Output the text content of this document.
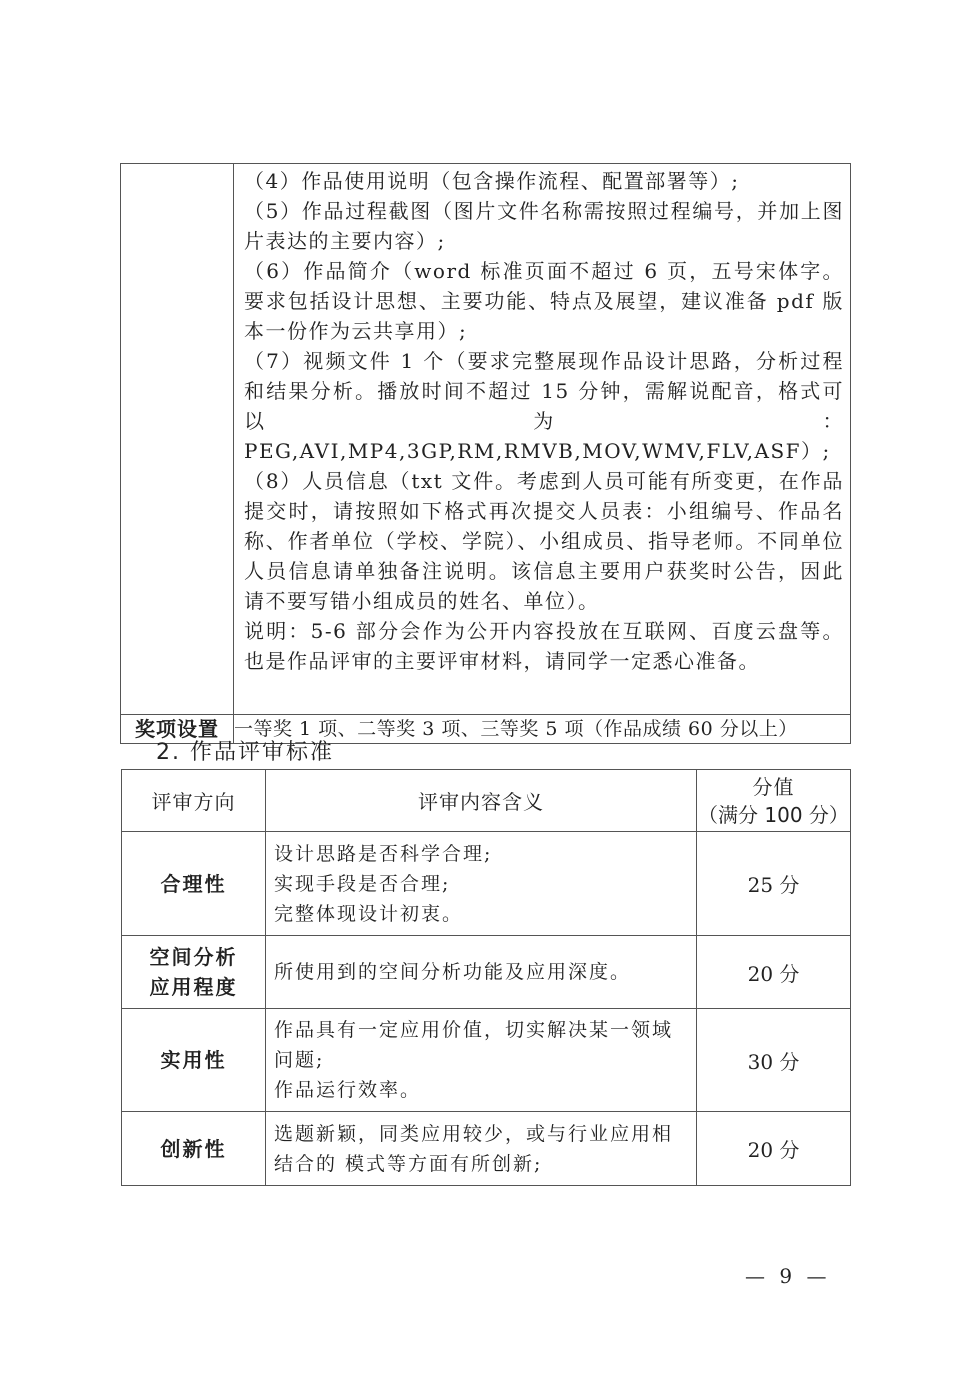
（4）作品使用说明（包含操作流程、配置部署等）;
（5）作品过程截图（图片文件名称需按照过程编号，并加上图片表达的主要内容）;
（6）作品简介（word 标准页面不超过 6 页，五号宋体字。要求包括设计思想、主要功能、特点及展望，建议准备 pdf 版本一份作为云共享用）;
（7）视频文件 1 个（要求完整展现作品设计思路，分析过程和结果分析。播放时间不超过 15 分钟，需解说配音，格式可以为：PEG,AVI,MP4,3GP,RM,RMVB,MOV,WMV,FLV,ASF）;
（8）人员信息（txt 文件。考虑到人员可能有所变更，在作品提交时，请按照如下格式再次提交人员表：小组编号、作品名称、作者单位（学校、学院）、小组成员、指导老师。不同单位人员信息请单独备注说明。该信息主要用户获奖时公告，因此请不要写错小组成员的姓名、单位）。
说明：5-6 部分会作为公开内容投放在互联网、百度云盘等。也是作品评审的主要评审材料，请同学一定悉心准备。

奖项设置	一等奖 1 项、二等奖 3 项、三等奖 5 项（作品成绩 60 分以上）
2. 作品评审标准
评审方向	评审内容含义	分值
（满分 100 分）

合理性	设计思路是否科学合理;
实现手段是否合理;
完整体现设计初衷。	25 分

空间分析
应用程度	所使用到的空间分析功能及应用深度。	20 分
实用性	作品具有一定应用价值，切实解决某一领域问题;
作品运行效率。	30 分
创新性	选题新颖，同类应用较少，或与行业应用相结合的 模式等方面有所创新;	20 分
— 9 —
